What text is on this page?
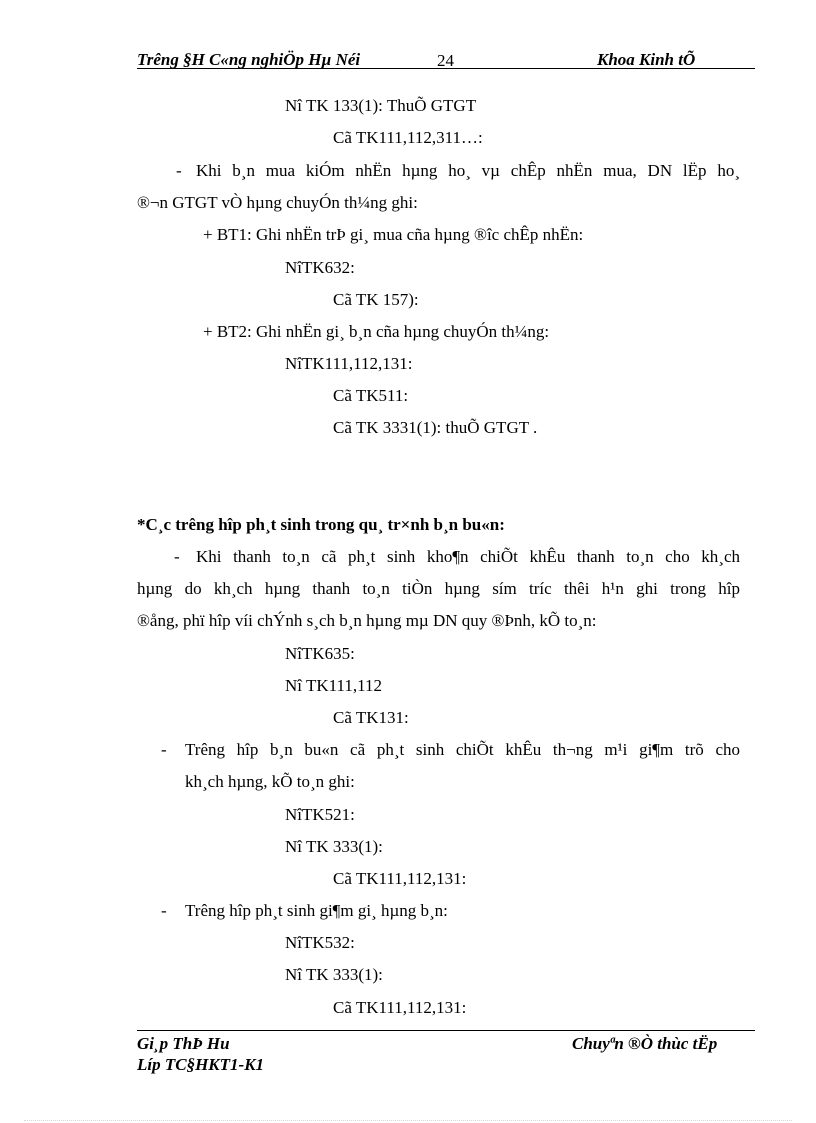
Trêng §H C«ng nghiÖp Hµ Néi	24	Khoa Kinh tÕ
Nî TK 133(1): ThuÕ GTGT
Cã TK111,112,311…:
- Khi b¸n mua kiÓm nhËn hµng ho¸ vµ chÊp nhËn mua, DN lËp ho¸
®¬n GTGT vÒ hµng chuyÓn th¼ng ghi:
+ BT1: Ghi nhËn trÞ gi¸ mua cña hµng ®îc chÊp nhËn:
NîTK632:
Cã TK 157):
+ BT2: Ghi nhËn gi¸ b¸n cña hµng chuyÓn th¼ng:
NîTK111,112,131:
Cã TK511:
Cã TK 3331(1): thuÕ GTGT .
*C¸c trêng hîp ph¸t sinh trong qu¸ tr×nh b¸n bu«n:
- Khi thanh to¸n cã ph¸t sinh kho¶n chiÕt khÊu thanh to¸n cho kh¸ch
hµng do kh¸ch hµng thanh to¸n tiÒn hµng sím tríc thêi h¹n ghi trong hîp
®ång, phï hîp víi chÝnh s¸ch b¸n hµng mµ DN quy ®Þnh, kÕ to¸n:
NîTK635:
Nî TK111,112
Cã TK131:
- Trêng hîp b¸n bu«n cã ph¸t sinh chiÕt khÊu th¬ng m¹i gi¶m trõ cho
kh¸ch hµng, kÕ to¸n ghi:
NîTK521:
Nî TK 333(1):
Cã TK111,112,131:
- Trêng hîp ph¸t sinh gi¶m gi¸ hµng b¸n:
NîTK532:
Nî TK 333(1):
Cã TK111,112,131:
Gi¸p ThÞ Hu
Líp TC§HKT1-K1
Chuyªn ®Ò thùc tËp
